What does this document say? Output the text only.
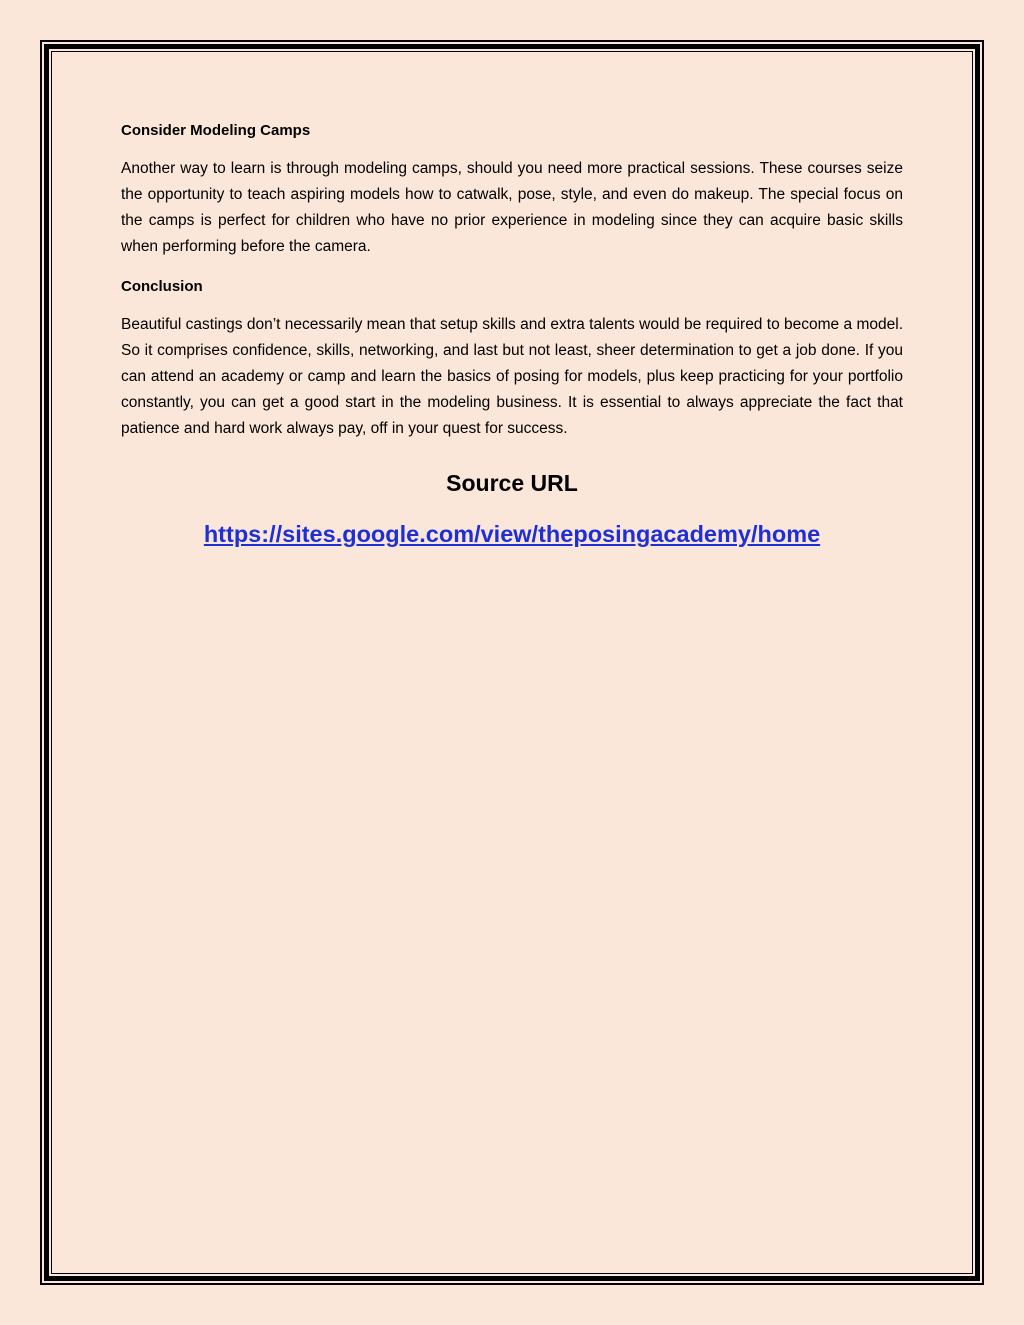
Consider Modeling Camps
Another way to learn is through modeling camps, should you need more practical sessions. These courses seize the opportunity to teach aspiring models how to catwalk, pose, style, and even do makeup. The special focus on the camps is perfect for children who have no prior experience in modeling since they can acquire basic skills when performing before the camera.
Conclusion
Beautiful castings don’t necessarily mean that setup skills and extra talents would be required to become a model. So it comprises confidence, skills, networking, and last but not least, sheer determination to get a job done. If you can attend an academy or camp and learn the basics of posing for models, plus keep practicing for your portfolio constantly, you can get a good start in the modeling business. It is essential to always appreciate the fact that patience and hard work always pay, off in your quest for success.
Source URL
https://sites.google.com/view/theposingacademy/home
